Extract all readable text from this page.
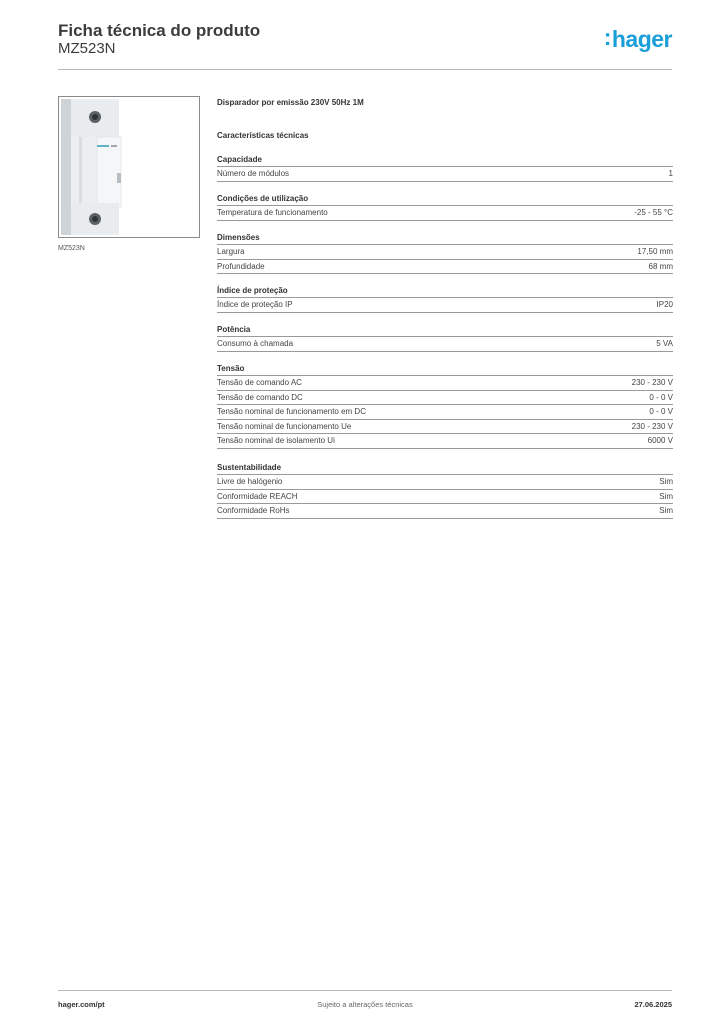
Ficha técnica do produto
MZ523N	:hager
MZ523N
Disparador por emissão 230V 50Hz 1M
Características técnicas
Capacidade
Número de módulos	1
Condições de utilização
Temperatura de funcionamento	-25 - 55 °C
Dimensões
Largura	17,50 mm
Profundidade	68 mm
Índice de proteção
Índice de proteção IP	IP20
Potência
Consumo à chamada	5 VA
Tensão
Tensão de comando AC	230 - 230 V
Tensão de comando DC	0 - 0 V
Tensão nominal de funcionamento em DC	0 - 0 V
Tensão nominal de funcionamento Ue	230 - 230 V
Tensão nominal de isolamento Ui	6000 V
Sustentabilidade
Livre de halógenio	Sim
Conformidade REACH	Sim
Conformidade RoHs	Sim
hager.com/pt	Sujeito a alterações técnicas	27.06.2025
